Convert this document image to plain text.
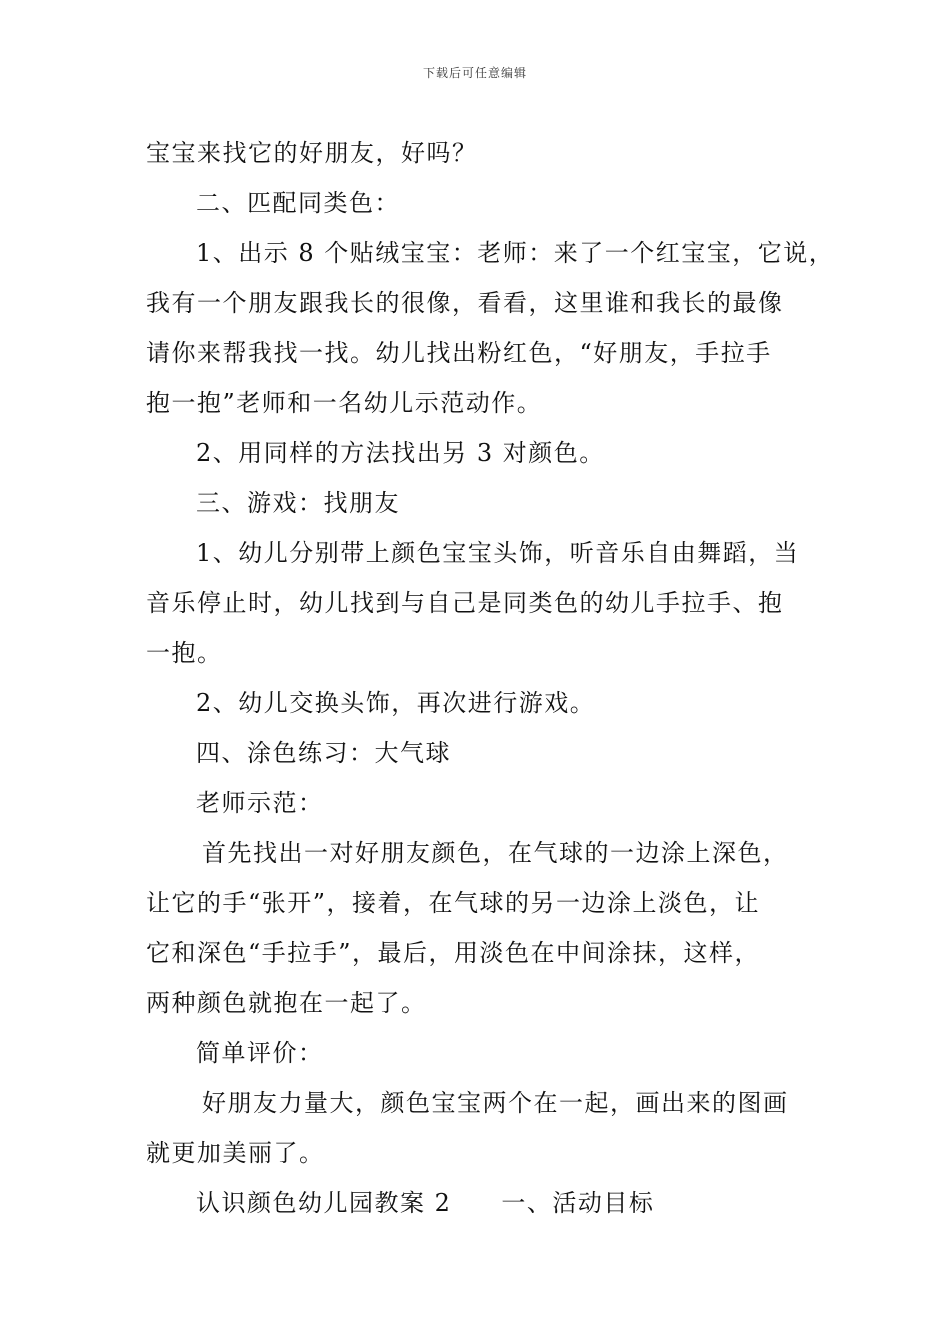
下载后可任意编辑

宝宝来找它的好朋友，好吗？

二、匹配同类色：

1、出示 8 个贴绒宝宝：老师：来了一个红宝宝，它说，

我有一个朋友跟我长的很像，看看，这里谁和我长的最像

请你来帮我找一找。幼儿找出粉红色，“好朋友，手拉手

抱一抱”老师和一名幼儿示范动作。

2、用同样的方法找出另 3 对颜色。

三、游戏：找朋友

1、幼儿分别带上颜色宝宝头饰，听音乐自由舞蹈，当

音乐停止时，幼儿找到与自己是同类色的幼儿手拉手、抱

一抱。

2、幼儿交换头饰，再次进行游戏。

四、涂色练习：大气球

老师示范：

首先找出一对好朋友颜色，在气球的一边涂上深色，

让它的手“张开”，接着，在气球的另一边涂上淡色，让

它和深色“手拉手”，最后，用淡色在中间涂抹，这样，

两种颜色就抱在一起了。

简单评价：

好朋友力量大，颜色宝宝两个在一起，画出来的图画

就更加美丽了。

认识颜色幼儿园教案 2 一、活动目标
